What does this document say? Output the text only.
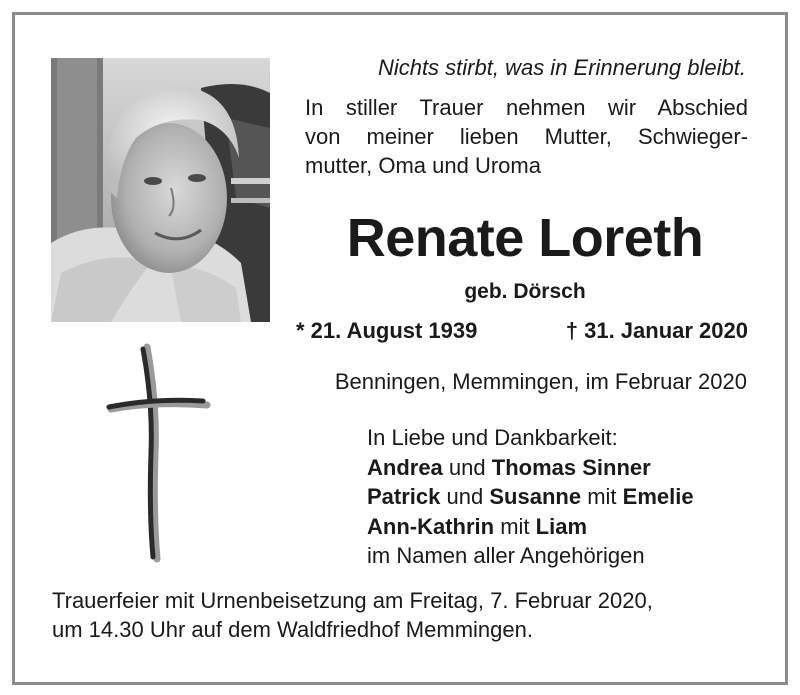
Nichts stirbt, was in Erinnerung bleibt.
In stiller Trauer nehmen wir Abschied
von meiner lieben Mutter, Schwieger-
mutter, Oma und Uroma
Renate Loreth
geb. Dörsch
* 21. August 1939	† 31. Januar 2020
Benningen, Memmingen, im Februar 2020
In Liebe und Dankbarkeit:
Andrea und Thomas Sinner
Patrick und Susanne mit Emelie
Ann-Kathrin mit Liam
im Namen aller Angehörigen
Trauerfeier mit Urnenbeisetzung am Freitag, 7. Februar 2020,
um 14.30 Uhr auf dem Waldfriedhof Memmingen.
